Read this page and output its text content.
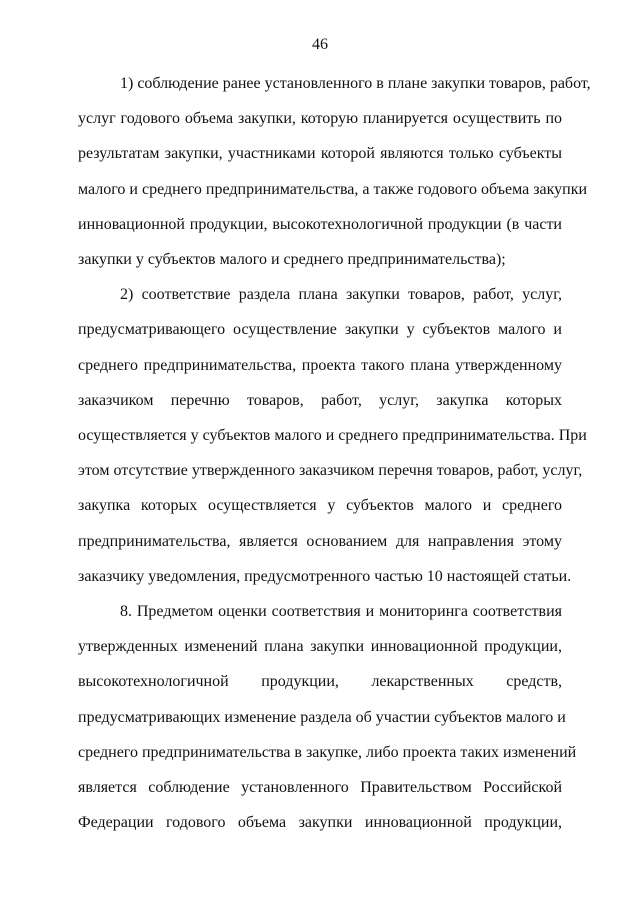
46
1) соблюдение ранее установленного в плане закупки товаров, работ,
услуг годового объема закупки, которую планируется осуществить по
результатам закупки, участниками которой являются только субъекты
малого и среднего предпринимательства, а также годового объема закупки
инновационной продукции, высокотехнологичной продукции (в части
закупки у субъектов малого и среднего предпринимательства);
2) соответствие раздела плана закупки товаров, работ, услуг,
предусматривающего осуществление закупки у субъектов малого и
среднего предпринимательства, проекта такого плана утвержденному
заказчиком перечню товаров, работ, услуг, закупка которых
осуществляется у субъектов малого и среднего предпринимательства. При
этом отсутствие утвержденного заказчиком перечня товаров, работ, услуг,
закупка которых осуществляется у субъектов малого и среднего
предпринимательства, является основанием для направления этому
заказчику уведомления, предусмотренного частью 10 настоящей статьи.
8. Предметом оценки соответствия и мониторинга соответствия
утвержденных изменений плана закупки инновационной продукции,
высокотехнологичной продукции, лекарственных средств,
предусматривающих изменение раздела об участии субъектов малого и
среднего предпринимательства в закупке, либо проекта таких изменений
является соблюдение установленного Правительством Российской
Федерации годового объема закупки инновационной продукции,
